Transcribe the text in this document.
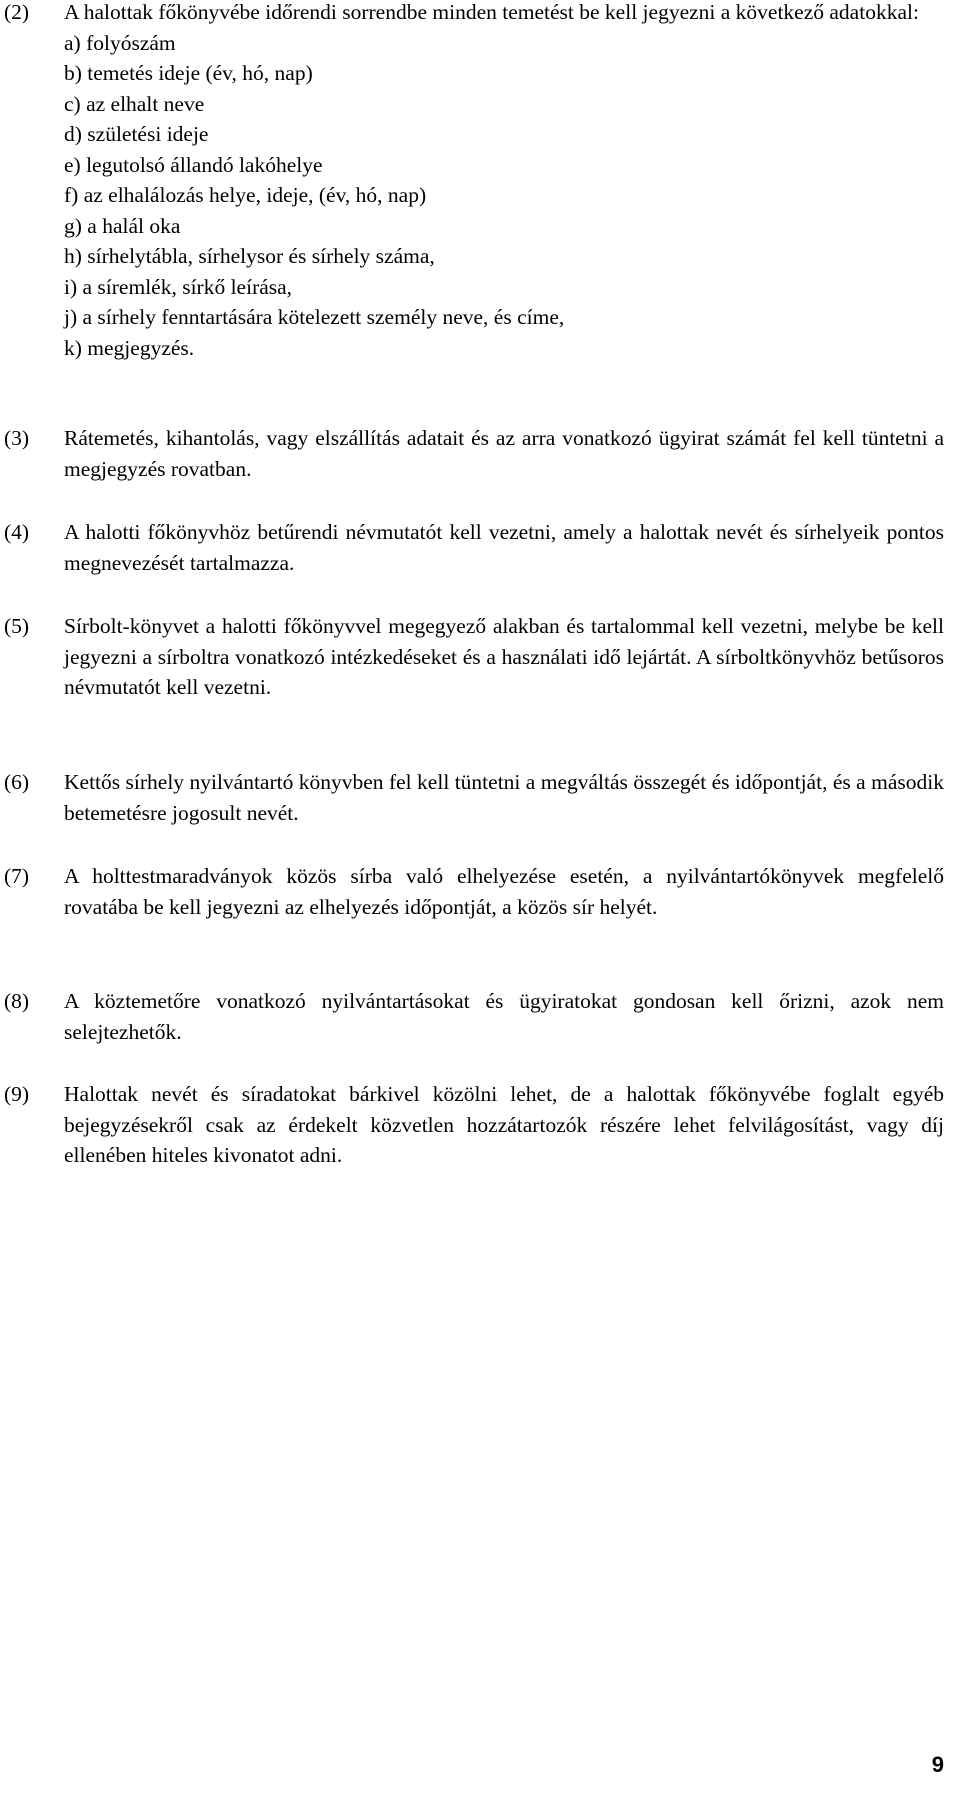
(2)	A halottak főkönyvébe időrendi sorrendbe minden temetést be kell jegyezni a következő adatokkal:
a) folyószám
b) temetés ideje (év, hó, nap)
c) az elhalt neve
d) születési ideje
e) legutolsó állandó lakóhelye
f) az elhalálozás helye, ideje, (év, hó, nap)
g) a halál oka
h) sírhelytábla, sírhelysor és sírhely száma,
i) a síremlék, sírkő leírása,
j) a sírhely fenntartására kötelezett személy neve, és címe,
k) megjegyzés.
(3)	Rátemetés, kihantolás, vagy elszállítás adatait és az arra vonatkozó ügyirat számát fel kell tüntetni a megjegyzés rovatban.
(4)	A halotti főkönyvhöz betűrendi névmutatót kell vezetni, amely a halottak nevét és sírhelyeik pontos megnevezését tartalmazza.
(5)	Sírbolt-könyvet a halotti főkönyvvel megegyező alakban és tartalommal kell vezetni, melybe be kell jegyezni a sírboltra vonatkozó intézkedéseket és a használati idő lejártát. A sírboltkönyvhöz betűsoros névmutatót kell vezetni.
(6)	Kettős sírhely nyilvántartó könyvben fel kell tüntetni a megváltás összegét és időpontját, és a második betemetésre jogosult nevét.
(7)	A holttestmaradványok közös sírba való elhelyezése esetén, a nyilvántartókönyvek megfelelő rovatába be kell jegyezni az elhelyezés időpontját, a közös sír helyét.
(8)	A köztemetőre vonatkozó nyilvántartásokat és ügyiratokat gondosan kell őrizni, azok nem selejtezhetők.
(9)	Halottak nevét és síradatokat bárkivel közölni lehet, de a halottak főkönyvébe foglalt egyéb bejegyzésekről csak az érdekelt közvetlen hozzátartozók részére lehet felvilágosítást, vagy díj ellenében hiteles kivonatot adni.
9
